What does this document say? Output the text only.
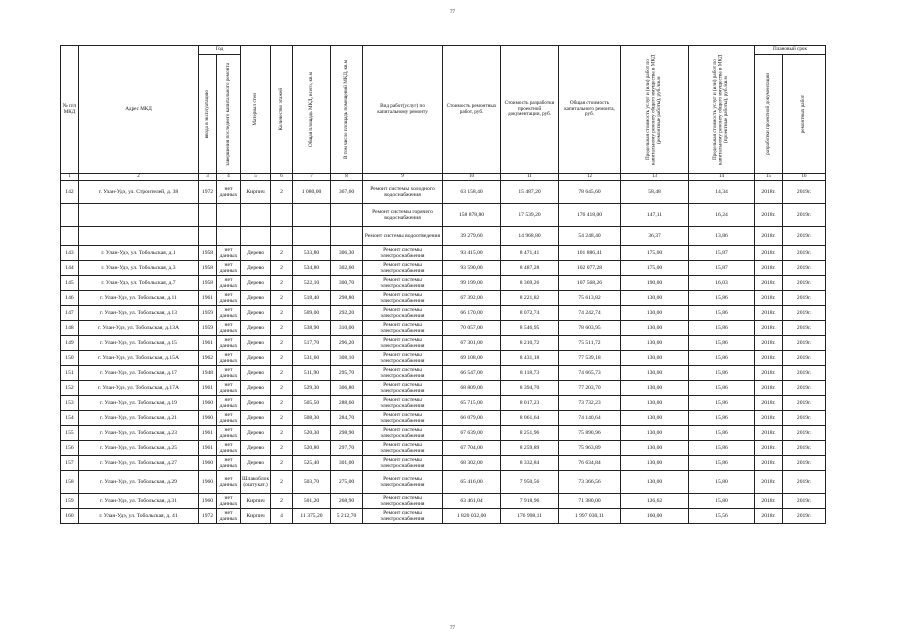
77
№ п/п МКД	Адрес МКД	Год		Материал стен	Количество этажей	Общая площадь МКД, всего, кв.м	В том числе площадь помещений МКД, кв.м	Вид работ(услуг) по капитальному ремонту	Стоимость ремонтных работ, руб.	Стоимость разработки проектной документации, руб.	Общая стоимость капитального ремонта, руб.	Предельная стоимость услуг и (или) работ по капитальному ремонту общего имущества в МКД (ремонтные работы), руб./кв.м	Предельная стоимость услуг и (или) работ по капитальному ремонту общего имущества в МКД (проектные работы), руб./кв.м	Плановый срок	

		ввода в эксплуатацию	завершения последнего капитального ремонта											разработки проектной документации	ремонтных работ

1	2	3	4	5	6	7	8	9	10	11	12	13	14	15	16
142	г. Улан-Удэ, ул. Строителей, д. 38	1972	нет данных	Кирпич	2	1 080,00	367,60	Ремонт системы холодного водоснабжения	63 158,40	15 487,20	78 645,60	58,48	14,34	2018г.	2019г.
								Ремонт системы горячего водоснабжения	158 878,80	17 539,20	176 418,00	147,11	16,24	2018г.	2019г.
								Ремонт системы водоотведения	39 279,60	14 968,80	54 248,40	36,37	13,86	2018г.	2019г.
143	г. Улан-Удэ, ул. Тобольская, д.1	1958	нет данных	Дерево	2	533,80	306,30	Ремонт системы электроснабжения	93 415,00	8 471,41	101 886,41	175,00	15,87	2018г.	2019г.
144	г. Улан-Удэ, ул. Тобольская, д.3	1958	нет данных	Дерево	2	534,80	302,60	Ремонт системы электроснабжения	93 590,00	8 487,28	102 077,28	175,00	15,87	2018г.	2019г.
145	г. Улан-Удэ, ул. Тобольская, д.7	1958	нет данных	Дерево	2	522,10	300,70	Ремонт системы электроснабжения	99 199,00	8 369,26	107 568,26	190,00	16,03	2018г.	2019г.
146	г. Улан-Удэ, ул. Тобольская, д.11	1961	нет данных	Дерево	2	518,40	298,80	Ремонт системы электроснабжения	67 392,00	8 221,82	75 613,82	130,00	15,86	2018г.	2019г.
147	г. Улан-Удэ, ул. Тобольская, д.13	1959	нет данных	Дерево	2	509,00	292,20	Ремонт системы электроснабжения	66 170,00	8 072,74	74 242,74	130,00	15,86	2018г.	2019г.
148	г. Улан-Удэ, ул. Тобольская, д.13А	1959	нет данных	Дерево	2	538,90	310,00	Ремонт системы электроснабжения	70 057,00	8 546,95	78 603,95	130,00	15,86	2018г.	2019г.
149	г. Улан-Удэ, ул. Тобольская, д.15	1961	нет данных	Дерево	2	517,70	296,20	Ремонт системы электроснабжения	67 301,00	8 210,72	75 511,72	130,00	15,86	2018г.	2019г.
150	г. Улан-Удэ, ул. Тобольская, д.15А	1962	нет данных	Дерево	2	531,60	308,10	Ремонт системы электроснабжения	69 108,00	8 431,18	77 539,18	130,00	15,86	2018г.	2019г.
151	г. Улан-Удэ, ул. Тобольская, д.17	1948	нет данных	Дерево	2	511,90	295,70	Ремонт системы электроснабжения	66 547,00	8 118,73	74 665,73	130,00	15,86	2018г.	2019г.
152	г. Улан-Удэ, ул. Тобольская, д.17А	1961	нет данных	Дерево	2	529,30	306,80	Ремонт системы электроснабжения	68 809,00	8 394,70	77 203,70	130,00	15,86	2018г.	2019г.
153	г. Улан-Удэ, ул. Тобольская, д.19	1960	нет данных	Дерево	2	505,50	288,60	Ремонт системы электроснабжения	65 715,00	8 017,23	73 732,23	130,00	15,86	2018г.	2019г.
154	г. Улан-Удэ, ул. Тобольская, д.21	1960	нет данных	Дерево	2	508,30	284,70	Ремонт системы электроснабжения	66 079,00	8 061,64	74 140,64	130,00	15,86	2018г.	2019г.
155	г. Улан-Удэ, ул. Тобольская, д.23	1961	нет данных	Дерево	2	520,30	298,90	Ремонт системы электроснабжения	67 639,00	8 251,96	75 890,96	130,00	15,86	2018г.	2019г.
156	г. Улан-Удэ, ул. Тобольская, д.25	1961	нет данных	Дерево	2	520,80	297,70	Ремонт системы электроснабжения	67 704,00	8 259,89	75 963,89	130,00	15,86	2018г.	2019г.
157	г. Улан-Удэ, ул. Тобольская, д.27	1960	нет данных	Дерево	2	525,40	301,00	Ремонт системы электроснабжения	68 302,00	8 332,84	76 634,84	130,00	15,86	2018г.	2019г.
158	г. Улан-Удэ, ул. Тобольская, д.29	1960	нет данных	Шлакоблок (оштукат.)	2	503,70	275,00	Ремонт системы электроснабжения	65 416,00	7 950,56	73 366,56	130,00	15,80	2018г.	2019г.
159	г. Улан-Удэ, ул. Тобольская, д.31	1960	нет данных	Кирпич	2	501,20	268,90	Ремонт системы электроснабжения	63 461,04	7 918,96	71 380,00	126,62	15,80	2018г.	2019г.
160	г. Улан-Удэ, ул. Тобольская, д. 41	1972	нет данных	Кирпич	4	11 375,20	5 212,70	Ремонт системы электроснабжения	1 820 032,00	176 998,11	1 997 030,11	160,00	15,56	2018г.	2019г.
77
